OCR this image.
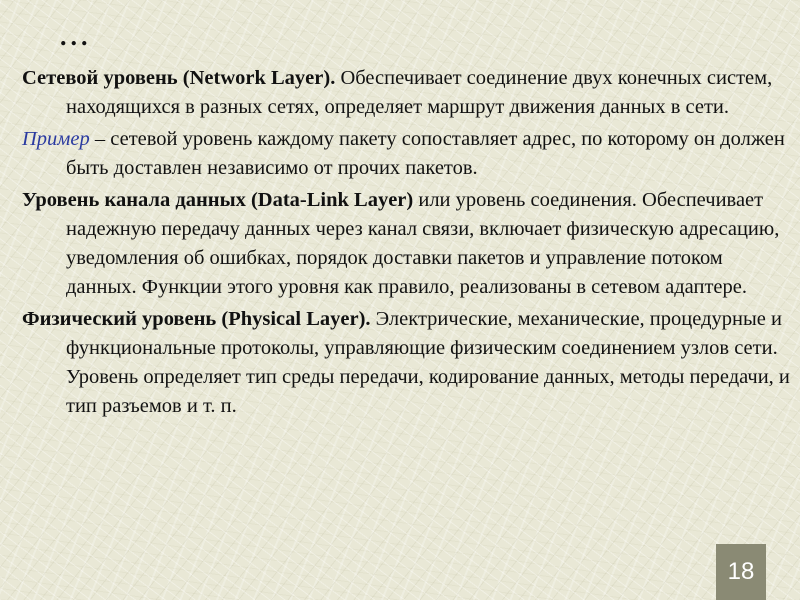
...

Сетевой уровень (Network Layer). Обеспечивает соединение двух конечных систем, находящихся в разных сетях, определяет маршрут движения данных в сети.

Пример – сетевой уровень каждому пакету сопоставляет адрес, по которому он должен быть доставлен независимо от прочих пакетов.

Уровень канала данных (Data-Link Layer) или уровень соединения. Обеспечивает надежную передачу данных через канал связи, включает физическую адресацию, уведомления об ошибках, порядок доставки пакетов и управление потоком данных. Функции этого уровня как правило, реализованы в сетевом адаптере.

Физический уровень (Physical Layer). Электрические, механические, процедурные и функциональные протоколы, управляющие физическим соединением узлов сети. Уровень определяет тип среды передачи, кодирование данных, методы передачи, и тип разъемов и т. п.

18
